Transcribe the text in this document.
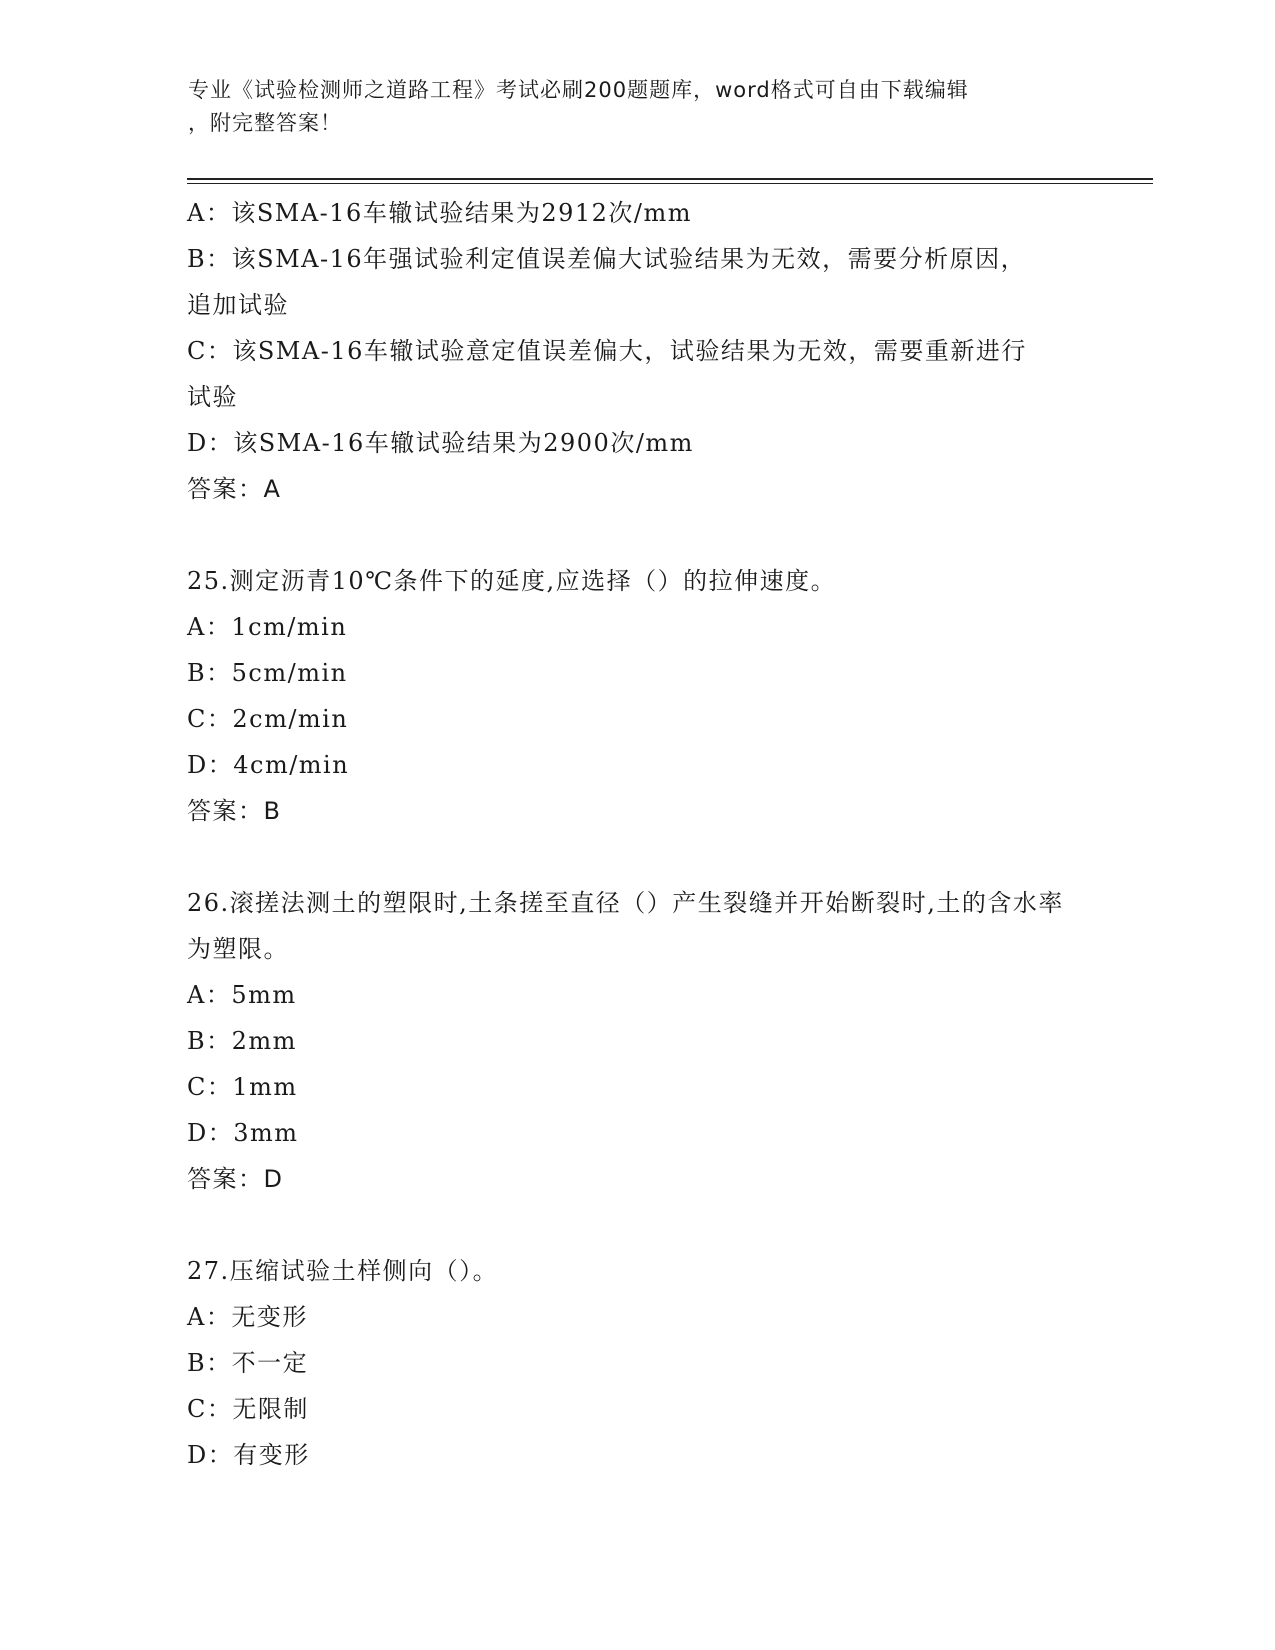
专业《试验检测师之道路工程》考试必刷200题题库，word格式可自由下载编辑
，附完整答案！
A：该SMA-16车辙试验结果为2912次/mm
B：该SMA-16年强试验利定值误差偏大试验结果为无效，需要分析原因，追加试验
C：该SMA-16车辙试验意定值误差偏大，试验结果为无效，需要重新进行试验
D：该SMA-16车辙试验结果为2900次/mm
答案：A
25.测定沥青10℃条件下的延度,应选择（）的拉伸速度。
A：1cm/min
B：5cm/min
C：2cm/min
D：4cm/min
答案：B
26.滚搓法测土的塑限时,土条搓至直径（）产生裂缝并开始断裂时,土的含水率为塑限。
A：5mm
B：2mm
C：1mm
D：3mm
答案：D
27.压缩试验土样侧向（）。
A：无变形
B：不一定
C：无限制
D：有变形
